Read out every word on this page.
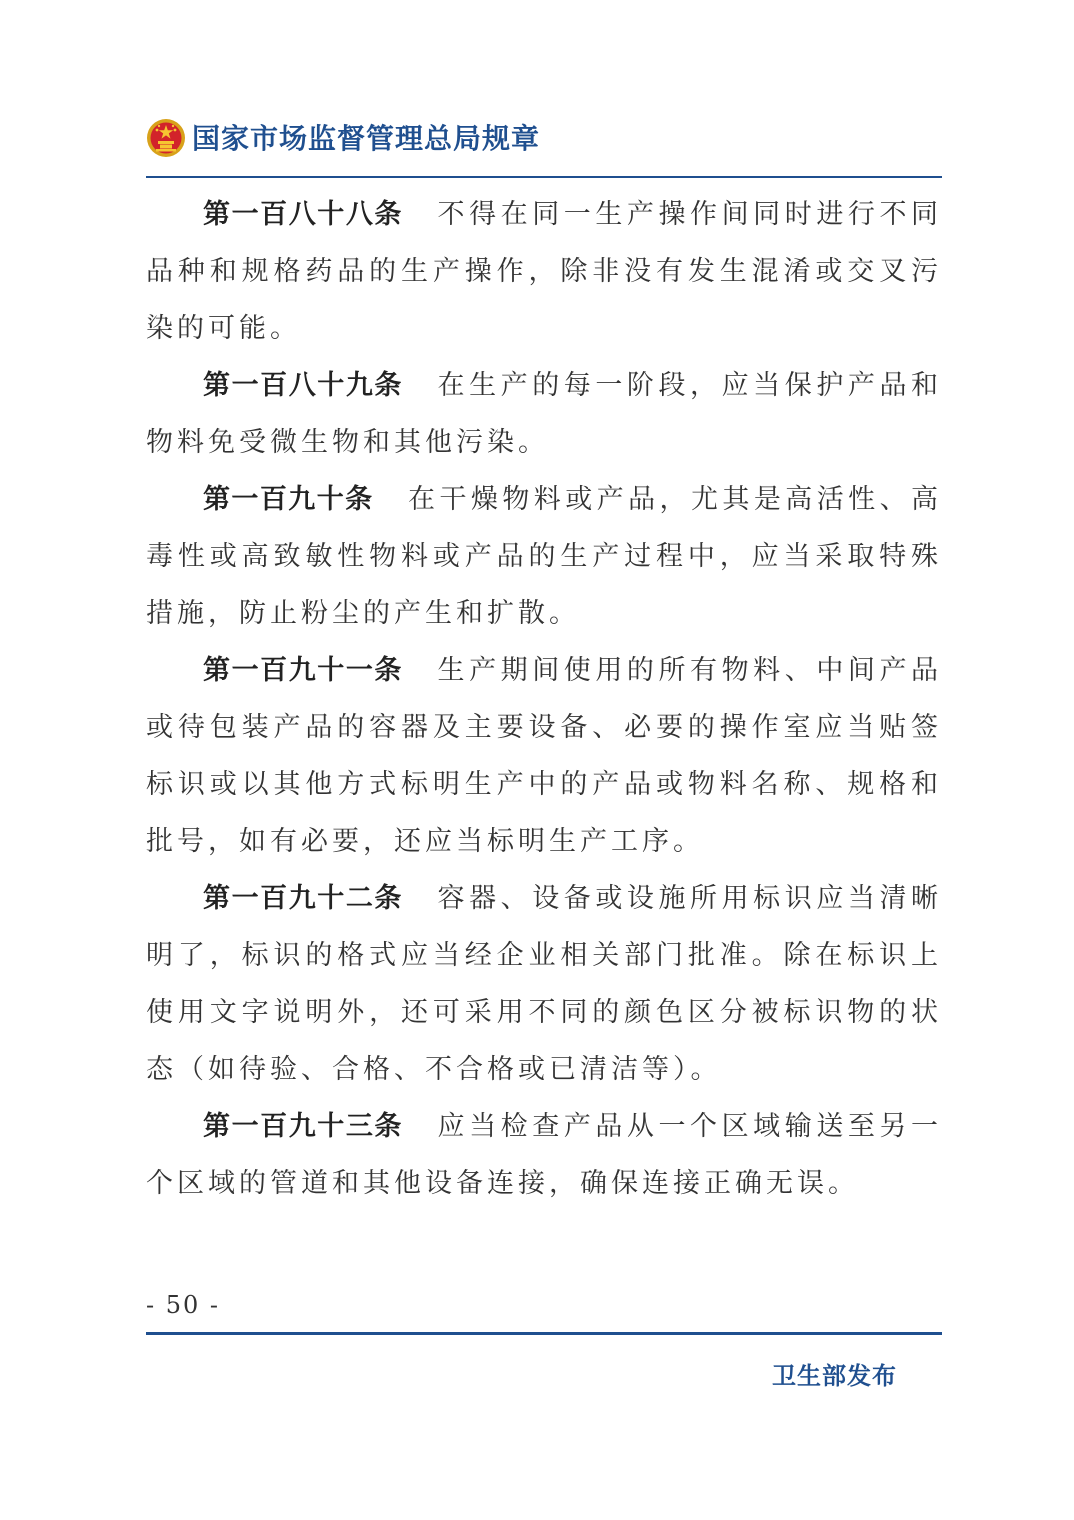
国家市场监督管理总局规章

第一百八十八条 不得在同一生产操作间同时进行不同品种和规格药品的生产操作，除非没有发生混淆或交叉污染的可能。

第一百八十九条 在生产的每一阶段，应当保护产品和物料免受微生物和其他污染。

第一百九十条 在干燥物料或产品，尤其是高活性、高毒性或高致敏性物料或产品的生产过程中，应当采取特殊措施，防止粉尘的产生和扩散。

第一百九十一条 生产期间使用的所有物料、中间产品或待包装产品的容器及主要设备、必要的操作室应当贴签标识或以其他方式标明生产中的产品或物料名称、规格和批号，如有必要，还应当标明生产工序。

第一百九十二条 容器、设备或设施所用标识应当清晰明了，标识的格式应当经企业相关部门批准。除在标识上使用文字说明外，还可采用不同的颜色区分被标识物的状态（如待验、合格、不合格或已清洁等）。

第一百九十三条 应当检查产品从一个区域输送至另一个区域的管道和其他设备连接，确保连接正确无误。

- 50 -
卫生部发布
